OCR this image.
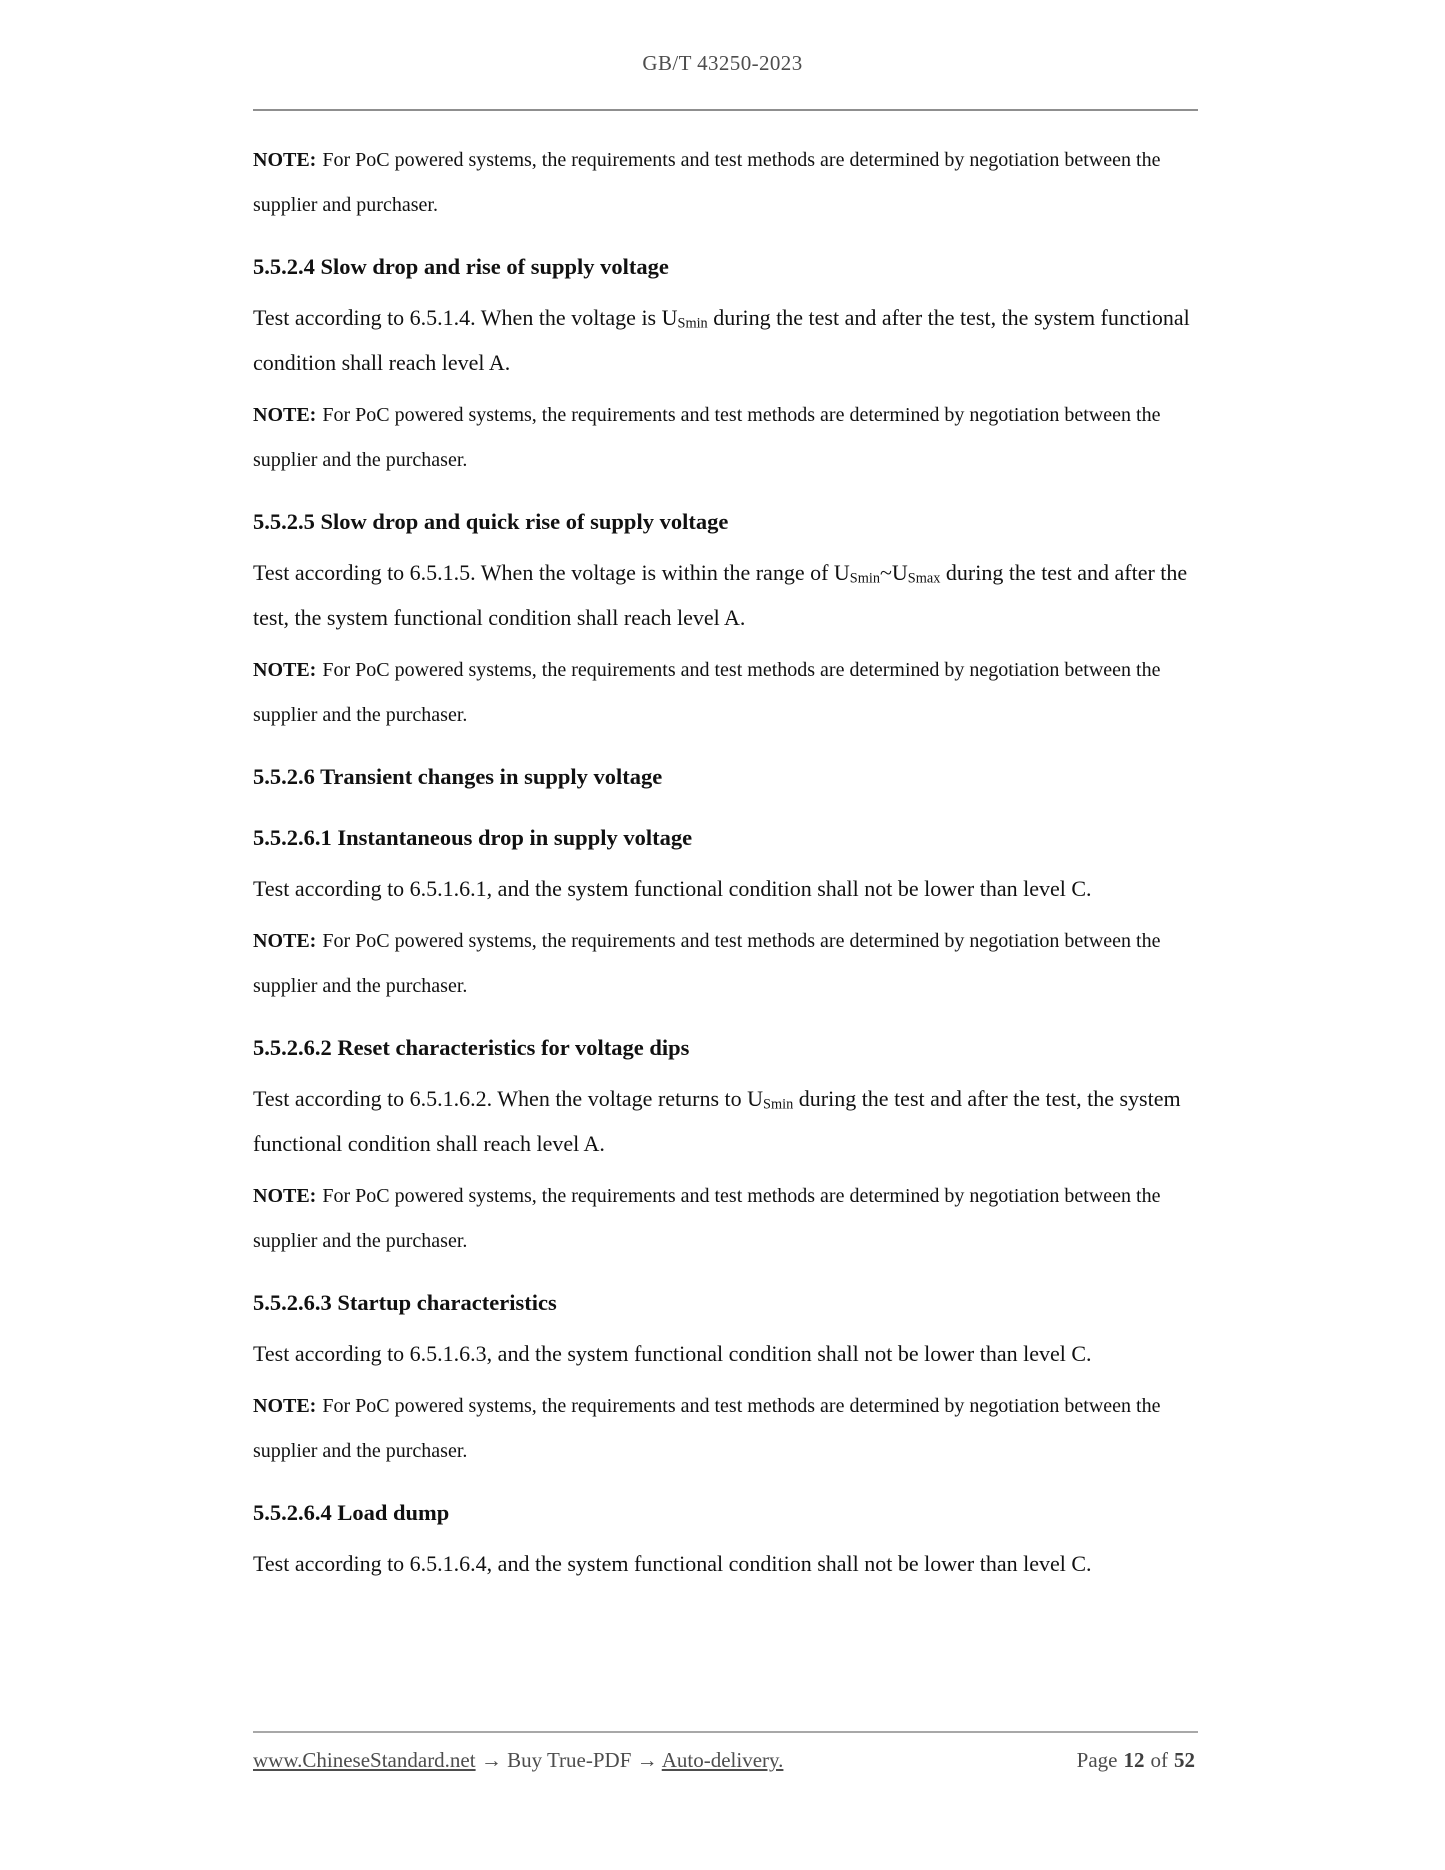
GB/T 43250-2023

NOTE: For PoC powered systems, the requirements and test methods are determined by negotiation between the supplier and purchaser.

5.5.2.4 Slow drop and rise of supply voltage

Test according to 6.5.1.4. When the voltage is $U_{Smin}$ during the test and after the test, the system functional condition shall reach level A.

NOTE: For PoC powered systems, the requirements and test methods are determined by negotiation between the supplier and the purchaser.

5.5.2.5 Slow drop and quick rise of supply voltage

Test according to 6.5.1.5. When the voltage is within the range of $U_{Smin}\sim U_{Smax}$ during the test and after the test, the system functional condition shall reach level A.

NOTE: For PoC powered systems, the requirements and test methods are determined by negotiation between the supplier and the purchaser.

5.5.2.6 Transient changes in supply voltage

5.5.2.6.1 Instantaneous drop in supply voltage

Test according to 6.5.1.6.1, and the system functional condition shall not be lower than level C.

NOTE: For PoC powered systems, the requirements and test methods are determined by negotiation between the supplier and the purchaser.

5.5.2.6.2 Reset characteristics for voltage dips

Test according to 6.5.1.6.2. When the voltage returns to $U_{Smin}$ during the test and after the test, the system functional condition shall reach level A.

NOTE: For PoC powered systems, the requirements and test methods are determined by negotiation between the supplier and the purchaser.

5.5.2.6.3 Startup characteristics

Test according to 6.5.1.6.3, and the system functional condition shall not be lower than level C.

NOTE: For PoC powered systems, the requirements and test methods are determined by negotiation between the supplier and the purchaser.

5.5.2.6.4 Load dump

Test according to 6.5.1.6.4, and the system functional condition shall not be lower than level C.

www.ChineseStandard.net → Buy True-PDF → Auto-delivery.	Page 12 of 52
